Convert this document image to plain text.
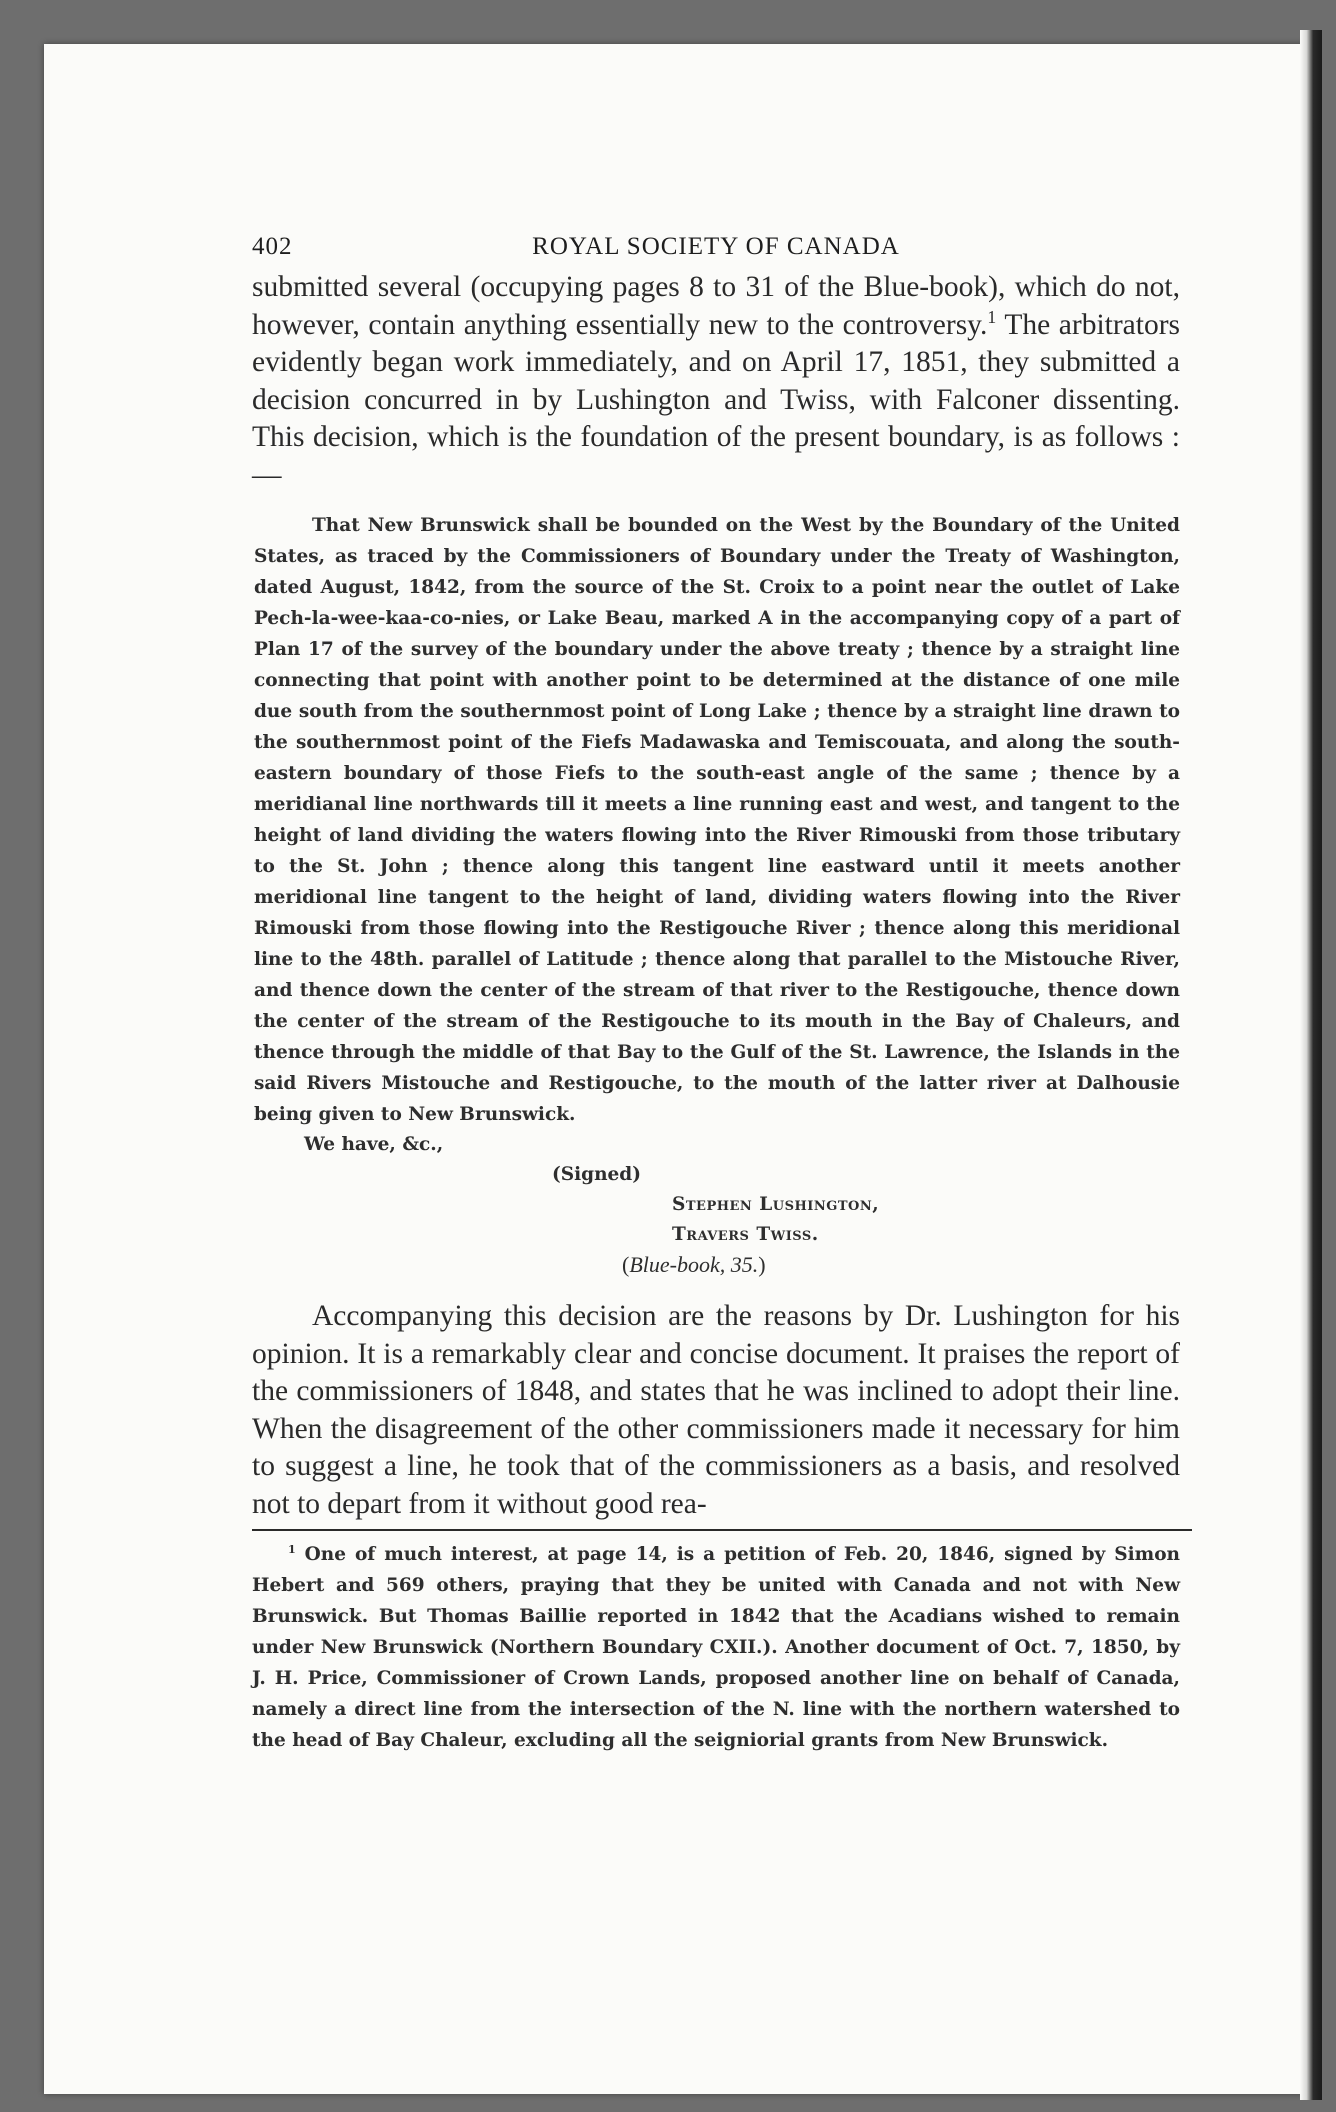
402	ROYAL SOCIETY OF CANADA

submitted several (occupying pages 8 to 31 of the Blue-book), which do not, however, contain anything essentially new to the controversy.$^1$ The arbitrators evidently began work immediately, and on April 17, 1851, they submitted a decision concurred in by Lushington and Twiss, with Falconer dissenting. This decision, which is the foundation of the present boundary, is as follows :—

That New Brunswick shall be bounded on the West by the Boundary of the United States, as traced by the Commissioners of Boundary under the Treaty of Washington, dated August, 1842, from the source of the St. Croix to a point near the outlet of Lake Pech-la-wee-kaa-co-nies, or Lake Beau, marked A in the accompanying copy of a part of Plan 17 of the survey of the boundary under the above treaty ; thence by a straight line connecting that point with another point to be determined at the distance of one mile due south from the southernmost point of Long Lake ; thence by a straight line drawn to the southernmost point of the Fiefs Madawaska and Temiscouata, and along the south-eastern boundary of those Fiefs to the south-east angle of the same ; thence by a meridianal line northwards till it meets a line running east and west, and tangent to the height of land dividing the waters flowing into the River Rimouski from those tributary to the St. John ; thence along this tangent line eastward until it meets another meridional line tangent to the height of land, dividing waters flowing into the River Rimouski from those flowing into the Restigouche River ; thence along this meridional line to the 48th. parallel of Latitude ; thence along that parallel to the Mistouche River, and thence down the center of the stream of that river to the Restigouche, thence down the center of the stream of the Restigouche to its mouth in the Bay of Chaleurs, and thence through the middle of that Bay to the Gulf of the St. Lawrence, the Islands in the said Rivers Mistouche and Restigouche, to the mouth of the latter river at Dalhousie being given to New Brunswick.
We have, &c.,
(Signed)
Stephen Lushington,
Travers Twiss.
(Blue-book, 35.)

Accompanying this decision are the reasons by Dr. Lushington for his opinion. It is a remarkably clear and concise document. It praises the report of the commissioners of 1848, and states that he was inclined to adopt their line. When the disagreement of the other commissioners made it necessary for him to suggest a line, he took that of the commissioners as a basis, and resolved not to depart from it without good rea-

$^1$ One of much interest, at page 14, is a petition of Feb. 20, 1846, signed by Simon Hebert and 569 others, praying that they be united with Canada and not with New Brunswick. But Thomas Baillie reported in 1842 that the Acadians wished to remain under New Brunswick (Northern Boundary CXII.). Another document of Oct. 7, 1850, by J. H. Price, Commissioner of Crown Lands, proposed another line on behalf of Canada, namely a direct line from the intersection of the N. line with the northern watershed to the head of Bay Chaleur, excluding all the seigniorial grants from New Brunswick.
